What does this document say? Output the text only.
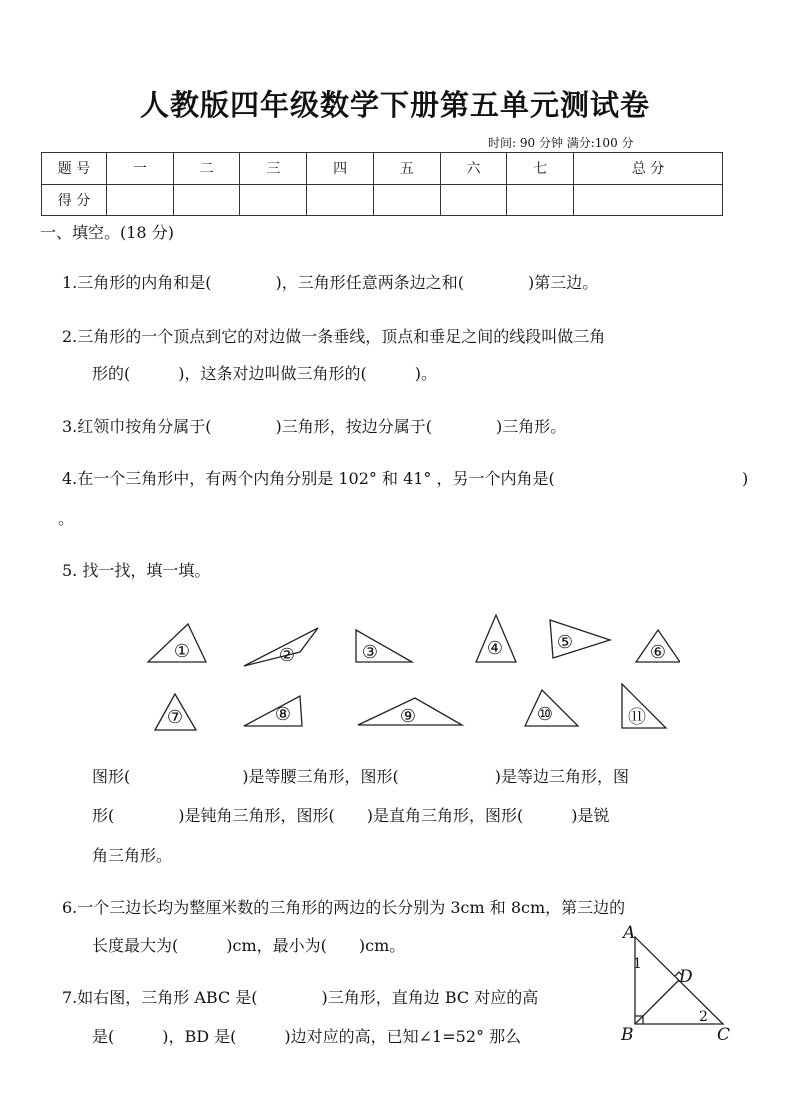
人教版四年级数学下册第五单元测试卷
时间: 90 分钟 满分:100 分
题 号	一	二	三	四	五	六	七	总 分
得 分								
一、填空。(18 分)
1.三角形的内角和是(　　　　)，三角形任意两条边之和(　　　　)第三边。
2.三角形的一个顶点到它的对边做一条垂线，顶点和垂足之间的线段叫做三角
形的(　　　)，这条对边叫做三角形的(　　　)。
3.红领巾按角分属于(　　　　)三角形，按边分属于(　　　　)三角形。
4.在一个三角形中，有两个内角分别是 102° 和 41° ，另一个内角是(	)
。
5. 找一找，填一填。
①	②	③	④	⑤	⑥
⑦	⑧	⑨	⑩	⑪
图形(　　　　　　　)是等腰三角形，图形(　　　　　　)是等边三角形，图
形(　　　　)是钝角三角形，图形(　　)是直角三角形，图形(　　　)是锐
角三角形。
6.一个三边长均为整厘米数的三角形的两边的长分别为 3cm 和 8cm，第三边的
长度最大为(　　　)cm，最小为(　　)cm。
7.如右图，三角形 ABC 是(　　　　)三角形，直角边 BC 对应的高
是(　　　)，BD 是(　　　)边对应的高，已知∠1=52° 那么
A
B	C
D
1
2
